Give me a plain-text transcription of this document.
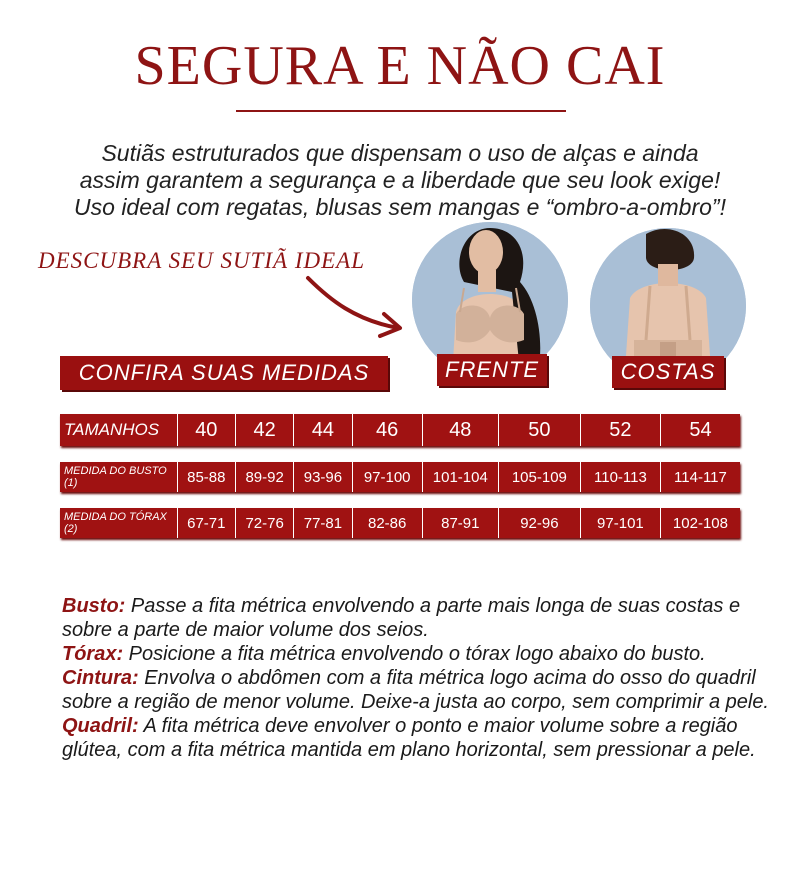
SEGURA E NÃO CAI
Sutiãs estruturados que dispensam o uso de alças e ainda
assim garantem a segurança e a liberdade que seu look exige!
Uso ideal com regatas, blusas sem mangas e “ombro-a-ombro”!
DESCUBRA SEU SUTIÃ IDEAL
FRENTE	COSTAS
CONFIRA SUAS MEDIDAS
TAMANHOS	40	42	44	46	48	50	52	54
MEDIDA DO BUSTO (1)	85-88	89-92	93-96	97-100	101-104	105-109	110-113	114-117
MEDIDA DO TÓRAX (2)	67-71	72-76	77-81	82-86	87-91	92-96	97-101	102-108

Busto: Passe a fita métrica envolvendo a parte mais longa de suas costas e sobre a parte de maior volume dos seios.

Tórax: Posicione a fita métrica envolvendo o tórax logo abaixo do busto.

Cintura: Envolva o abdômen com a fita métrica logo acima do osso do quadril sobre a região de menor volume. Deixe-a justa ao corpo, sem comprimir a pele.

Quadril: A fita métrica deve envolver o ponto e maior volume sobre a região glútea, com a fita métrica mantida em plano horizontal, sem pressionar a pele.
